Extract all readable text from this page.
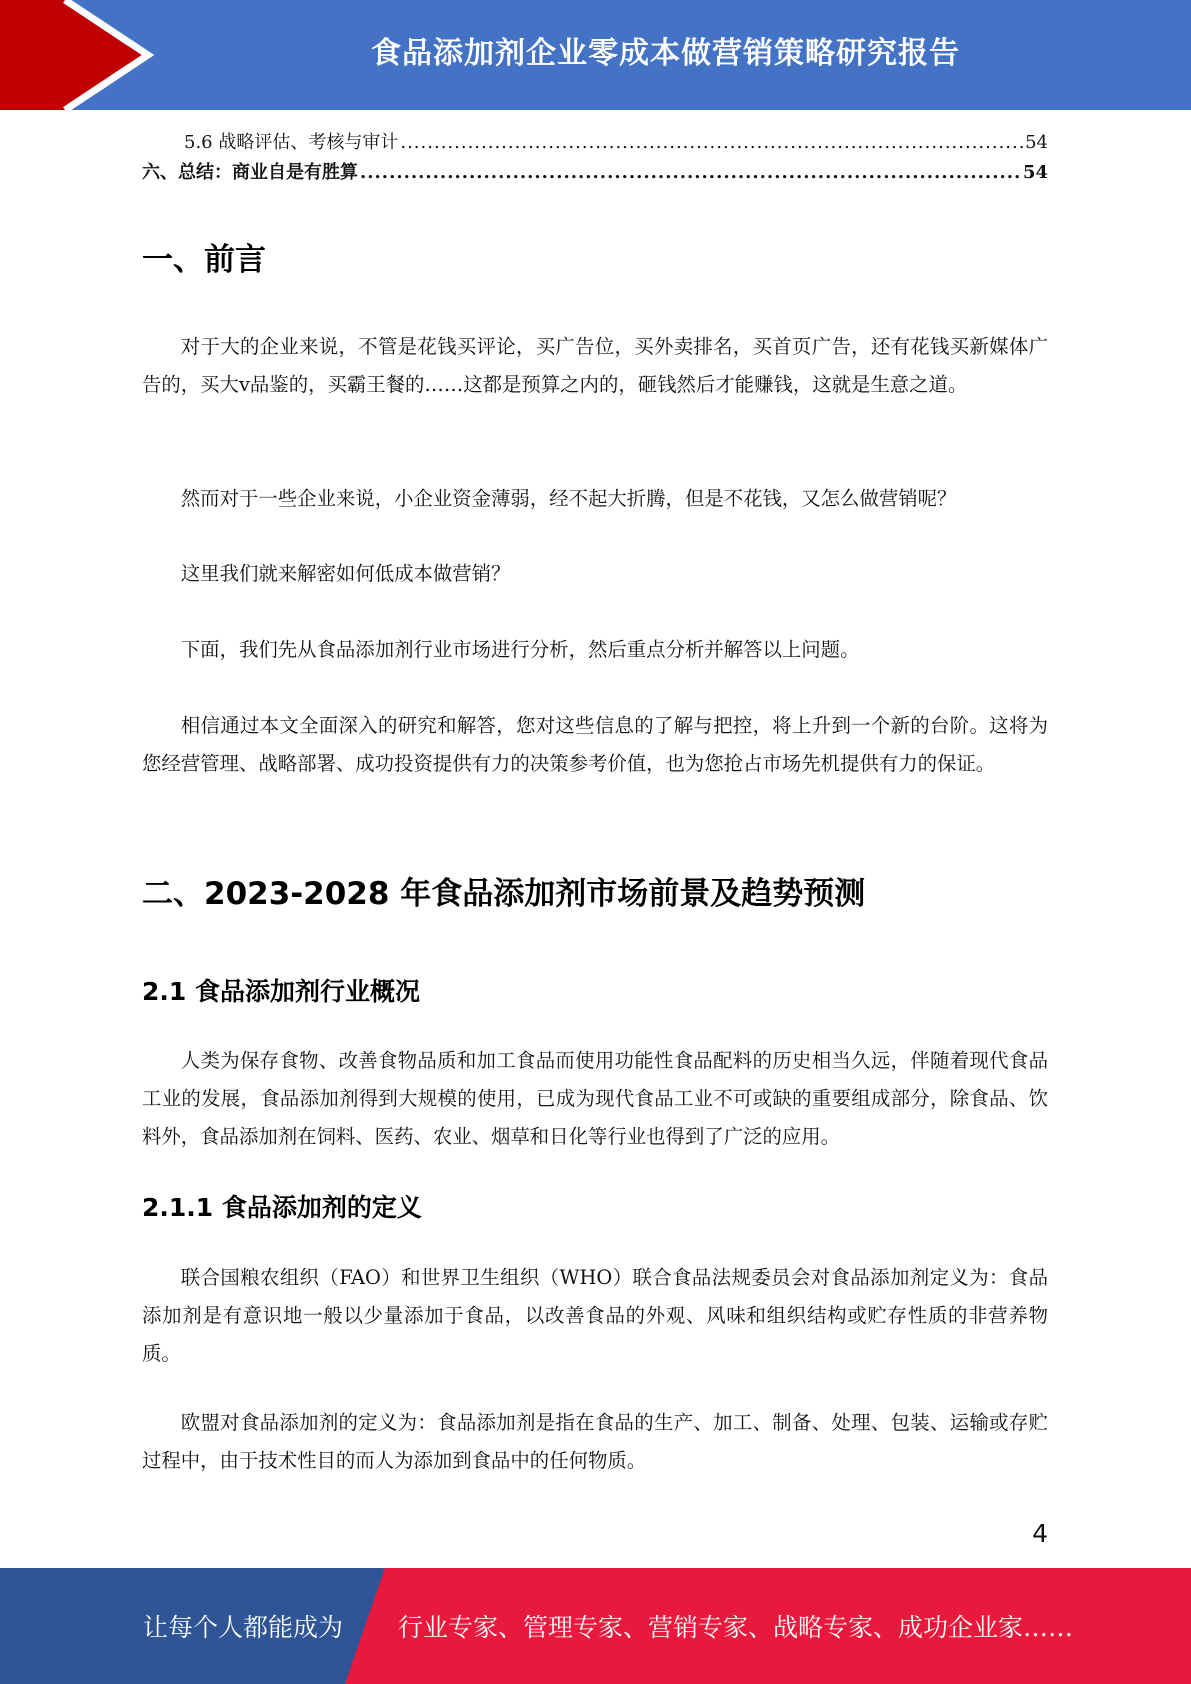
食品添加剂企业零成本做营销策略研究报告
5.6 战略评估、考核与审计 .....	54
六、总结：商业自是有胜算 .....	54
一、前言

对于大的企业来说，不管是花钱买评论，买广告位，买外卖排名，买首页广告，还有花钱买新媒体广告的，买大v品鉴的，买霸王餐的……这都是预算之内的，砸钱然后才能赚钱，这就是生意之道。

然而对于一些企业来说，小企业资金薄弱，经不起大折腾，但是不花钱，又怎么做营销呢？

这里我们就来解密如何低成本做营销？

下面，我们先从食品添加剂行业市场进行分析，然后重点分析并解答以上问题。

相信通过本文全面深入的研究和解答，您对这些信息的了解与把控，将上升到一个新的台阶。这将为您经营管理、战略部署、成功投资提供有力的决策参考价值，也为您抢占市场先机提供有力的保证。

二、2023-2028 年食品添加剂市场前景及趋势预测
2.1 食品添加剂行业概况

人类为保存食物、改善食物品质和加工食品而使用功能性食品配料的历史相当久远，伴随着现代食品工业的发展，食品添加剂得到大规模的使用，已成为现代食品工业不可或缺的重要组成部分，除食品、饮料外，食品添加剂在饲料、医药、农业、烟草和日化等行业也得到了广泛的应用。

2.1.1 食品添加剂的定义

联合国粮农组织（FAO）和世界卫生组织（WHO）联合食品法规委员会对食品添加剂定义为：食品添加剂是有意识地一般以少量添加于食品，以改善食品的外观、风味和组织结构或贮存性质的非营养物质。

欧盟对食品添加剂的定义为：食品添加剂是指在食品的生产、加工、制备、处理、包装、运输或存贮过程中，由于技术性目的而人为添加到食品中的任何物质。

4
让每个人都能成为 行业专家、管理专家、营销专家、战略专家、成功企业家……
